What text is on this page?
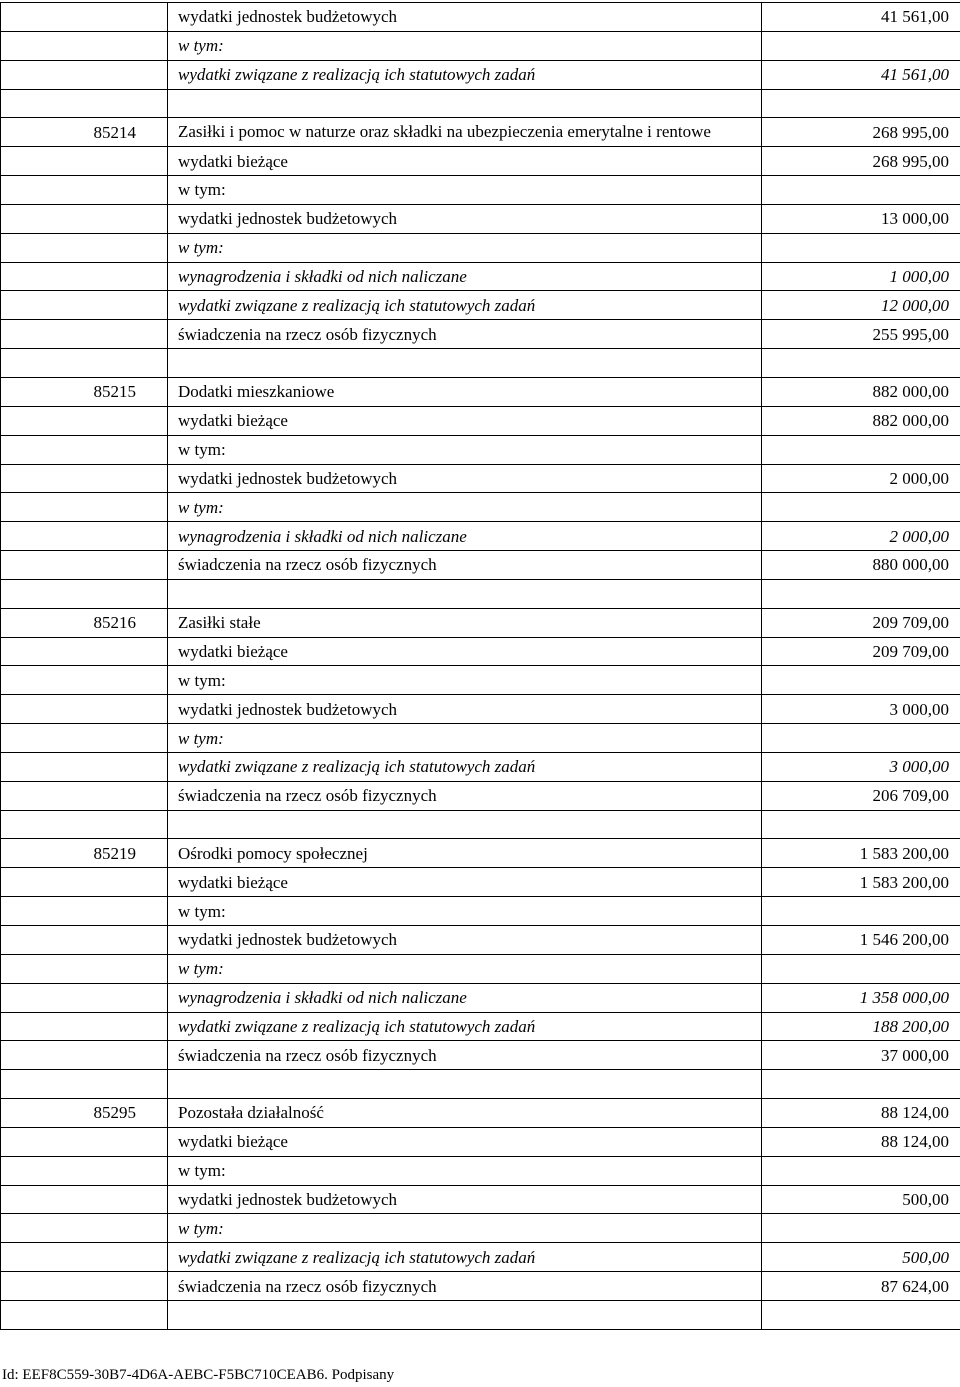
	wydatki jednostek budżetowych	41 561,00
	w tym:	
	wydatki związane z realizacją ich statutowych zadań	41 561,00

85214	Zasiłki i pomoc w naturze oraz składki na ubezpieczenia emerytalne i rentowe	268 995,00
	wydatki bieżące	268 995,00
	w tym:	
	wydatki jednostek budżetowych	13 000,00
	w tym:	
	wynagrodzenia i składki od nich naliczane	1 000,00
	wydatki związane z realizacją ich statutowych zadań	12 000,00
	świadczenia na rzecz osób fizycznych	255 995,00

85215	Dodatki mieszkaniowe	882 000,00
	wydatki bieżące	882 000,00
	w tym:	
	wydatki jednostek budżetowych	2 000,00
	w tym:	
	wynagrodzenia i składki od nich naliczane	2 000,00
	świadczenia na rzecz osób fizycznych	880 000,00

85216	Zasiłki stałe	209 709,00
	wydatki bieżące	209 709,00
	w tym:	
	wydatki jednostek budżetowych	3 000,00
	w tym:	
	wydatki związane z realizacją ich statutowych zadań	3 000,00
	świadczenia na rzecz osób fizycznych	206 709,00

85219	Ośrodki pomocy społecznej	1 583 200,00
	wydatki bieżące	1 583 200,00
	w tym:	
	wydatki jednostek budżetowych	1 546 200,00
	w tym:	
	wynagrodzenia i składki od nich naliczane	1 358 000,00
	wydatki związane z realizacją ich statutowych zadań	188 200,00
	świadczenia na rzecz osób fizycznych	37 000,00

85295	Pozostała działalność	88 124,00
	wydatki bieżące	88 124,00
	w tym:	
	wydatki jednostek budżetowych	500,00
	w tym:	
	wydatki związane z realizacją ich statutowych zadań	500,00
	świadczenia na rzecz osób fizycznych	87 624,00

Id: EEF8C559-30B7-4D6A-AEBC-F5BC710CEAB6. Podpisany
